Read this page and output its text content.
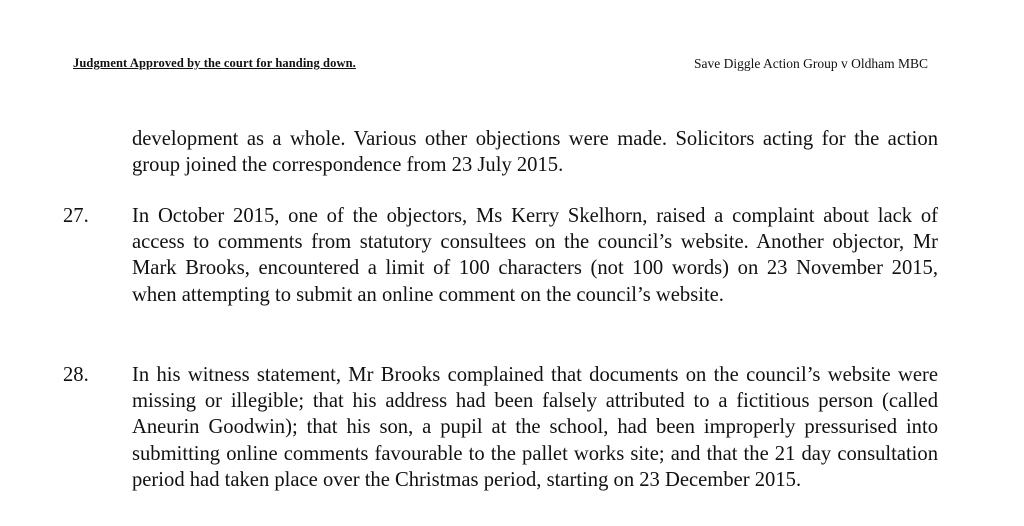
Judgment Approved by the court for handing down.	Save Diggle Action Group v Oldham MBC
development as a whole. Various other objections were made. Solicitors acting for the action group joined the correspondence from 23 July 2015.
27. In October 2015, one of the objectors, Ms Kerry Skelhorn, raised a complaint about lack of access to comments from statutory consultees on the council’s website. Another objector, Mr Mark Brooks, encountered a limit of 100 characters (not 100 words) on 23 November 2015, when attempting to submit an online comment on the council’s website.
28. In his witness statement, Mr Brooks complained that documents on the council’s website were missing or illegible; that his address had been falsely attributed to a fictitious person (called Aneurin Goodwin); that his son, a pupil at the school, had been improperly pressurised into submitting online comments favourable to the pallet works site; and that the 21 day consultation period had taken place over the Christmas period, starting on 23 December 2015.
